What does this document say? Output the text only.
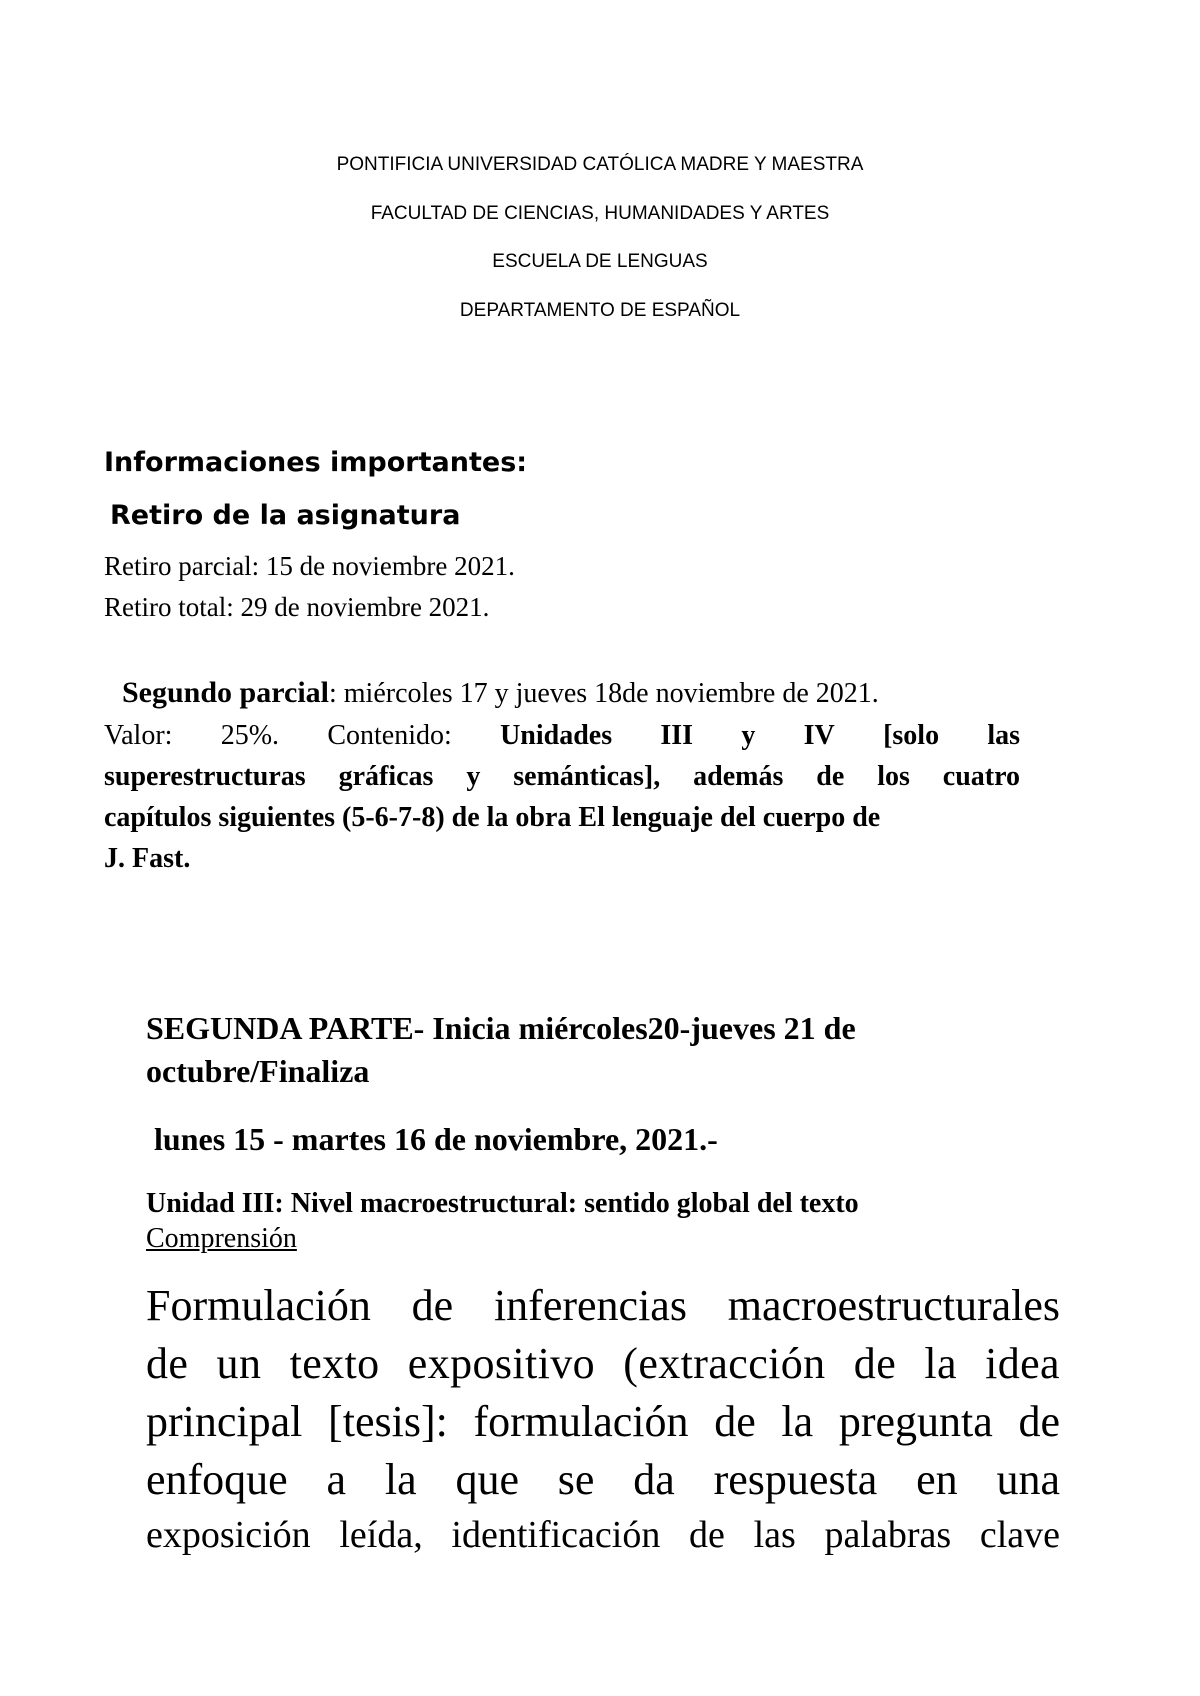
PONTIFICIA UNIVERSIDAD CATÓLICA MADRE Y MAESTRA
FACULTAD DE CIENCIAS, HUMANIDADES Y ARTES
ESCUELA DE LENGUAS
DEPARTAMENTO DE ESPAÑOL
Informaciones importantes:
Retiro de la asignatura
Retiro parcial: 15 de noviembre 2021.
Retiro total: 29 de noviembre 2021.
Segundo parcial: miércoles 17 y jueves 18de noviembre de 2021.
Valor: 25%. Contenido: Unidades III y IV [solo las
superestructuras gráficas y semánticas], además de los cuatro
capítulos siguientes (5-6-7-8) de la obra El lenguaje del cuerpo de
J. Fast.
SEGUNDA PARTE- Inicia miércoles20-jueves 21 de
octubre/Finaliza
lunes 15 - martes 16 de noviembre, 2021.-
Unidad III: Nivel macroestructural: sentido global del texto
Comprensión
Formulación de inferencias macroestructurales
de un texto expositivo (extracción de la idea
principal [tesis]: formulación de la pregunta de
enfoque a la que se da respuesta en una
exposición leída, identificación de las palabras clave
